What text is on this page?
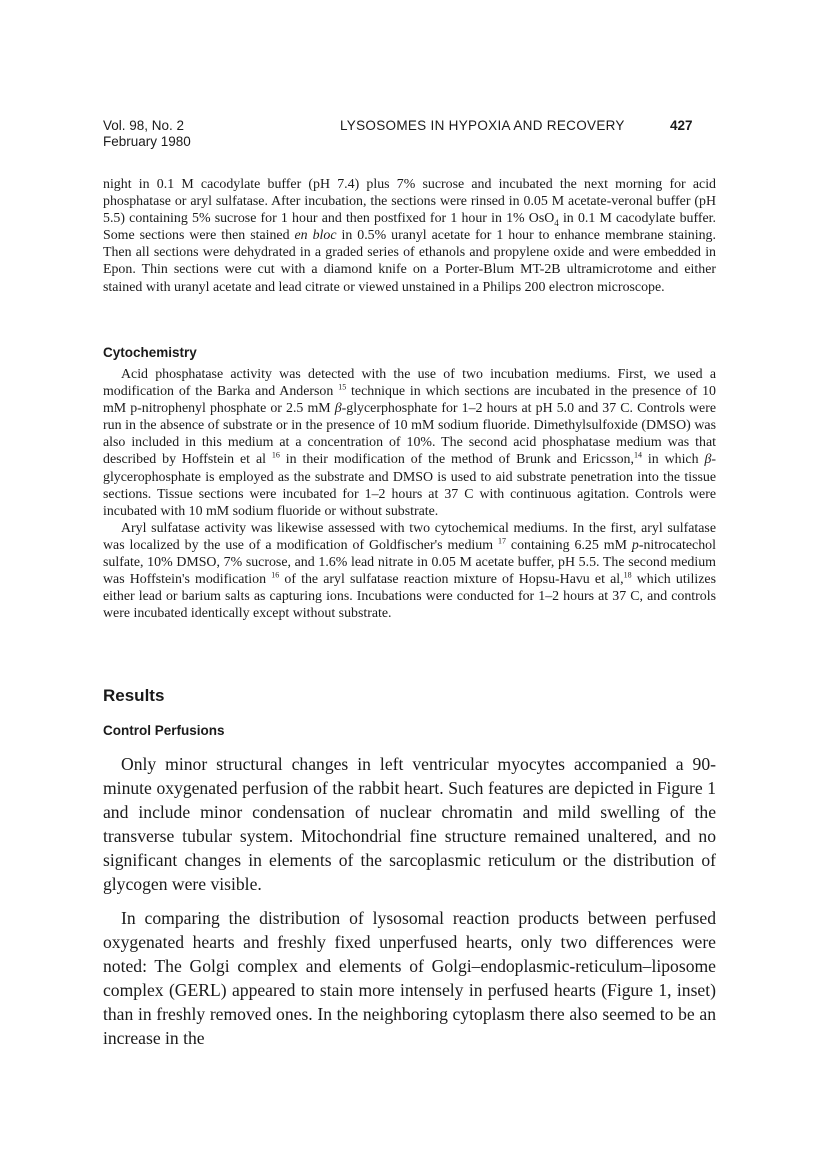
Vol. 98, No. 2
February 1980
LYSOSOMES IN HYPOXIA AND RECOVERY	427

night in 0.1 M cacodylate buffer (pH 7.4) plus 7% sucrose and incubated the next morning for acid phosphatase or aryl sulfatase. After incubation, the sections were rinsed in 0.05 M acetate-veronal buffer (pH 5.5) containing 5% sucrose for 1 hour and then postfixed for 1 hour in 1% OsO$_4$ in 0.1 M cacodylate buffer. Some sections were then stained en bloc in 0.5% uranyl acetate for 1 hour to enhance membrane staining. Then all sections were dehydrated in a graded series of ethanols and propylene oxide and were embedded in Epon. Thin sections were cut with a diamond knife on a Porter-Blum MT-2B ultramicrotome and either stained with uranyl acetate and lead citrate or viewed unstained in a Philips 200 electron microscope.

Cytochemistry

Acid phosphatase activity was detected with the use of two incubation mediums. First, we used a modification of the Barka and Anderson $^{15}$ technique in which sections are incubated in the presence of 10 mM p-nitrophenyl phosphate or 2.5 mM β-glycerphosphate for 1–2 hours at pH 5.0 and 37 C. Controls were run in the absence of substrate or in the presence of 10 mM sodium fluoride. Dimethylsulfoxide (DMSO) was also included in this medium at a concentration of 10%. The second acid phosphatase medium was that described by Hoffstein et al $^{16}$ in their modification of the method of Brunk and Ericsson,$^{14}$ in which β-glycerophosphate is employed as the substrate and DMSO is used to aid substrate penetration into the tissue sections. Tissue sections were incubated for 1–2 hours at 37 C with continuous agitation. Controls were incubated with 10 mM sodium fluoride or without substrate.

Aryl sulfatase activity was likewise assessed with two cytochemical mediums. In the first, aryl sulfatase was localized by the use of a modification of Goldfischer's medium $^{17}$ containing 6.25 mM p-nitrocatechol sulfate, 10% DMSO, 7% sucrose, and 1.6% lead nitrate in 0.05 M acetate buffer, pH 5.5. The second medium was Hoffstein's modification $^{16}$ of the aryl sulfatase reaction mixture of Hopsu-Havu et al,$^{18}$ which utilizes either lead or barium salts as capturing ions. Incubations were conducted for 1–2 hours at 37 C, and controls were incubated identically except without substrate.

Results
Control Perfusions

Only minor structural changes in left ventricular myocytes accompanied a 90-minute oxygenated perfusion of the rabbit heart. Such features are depicted in Figure 1 and include minor condensation of nuclear chromatin and mild swelling of the transverse tubular system. Mitochondrial fine structure remained unaltered, and no significant changes in elements of the sarcoplasmic reticulum or the distribution of glycogen were visible.

In comparing the distribution of lysosomal reaction products between perfused oxygenated hearts and freshly fixed unperfused hearts, only two differences were noted: The Golgi complex and elements of Golgi–endoplasmic-reticulum–liposome complex (GERL) appeared to stain more intensely in perfused hearts (Figure 1, inset) than in freshly removed ones. In the neighboring cytoplasm there also seemed to be an increase in the
